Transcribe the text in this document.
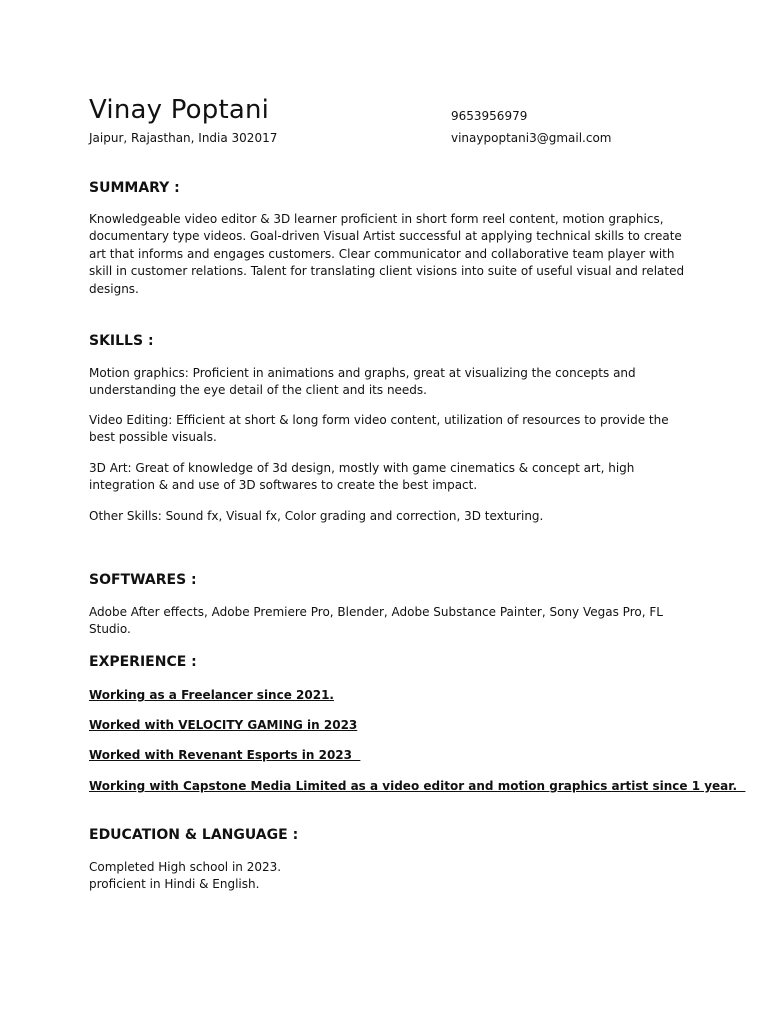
Vinay Poptani
Jaipur, Rajasthan, India 302017
9653956979
vinaypoptani3@gmail.com
SUMMARY :

Knowledgeable video editor & 3D learner proficient in short form reel content, motion graphics, documentary type videos. Goal-driven Visual Artist successful at applying technical skills to create art that informs and engages customers. Clear communicator and collaborative team player with skill in customer relations. Talent for translating client visions into suite of useful visual and related designs.

SKILLS :

Motion graphics: Proficient in animations and graphs, great at visualizing the concepts and understanding the eye detail of the client and its needs.

Video Editing: Efficient at short & long form video content, utilization of resources to provide the best possible visuals.

3D Art: Great of knowledge of 3d design, mostly with game cinematics & concept art, high integration & and use of 3D softwares to create the best impact.

Other Skills: Sound fx, Visual fx, Color grading and correction, 3D texturing.

SOFTWARES :

Adobe After effects, Adobe Premiere Pro, Blender, Adobe Substance Painter, Sony Vegas Pro, FL Studio.

EXPERIENCE :

Working as a Freelancer since 2021.

Worked with VELOCITY GAMING in 2023

Worked with Revenant Esports in 2023

Working with Capstone Media Limited as a video editor and motion graphics artist since 1 year.

EDUCATION & LANGUAGE :

Completed High school in 2023.
proficient in Hindi & English.
